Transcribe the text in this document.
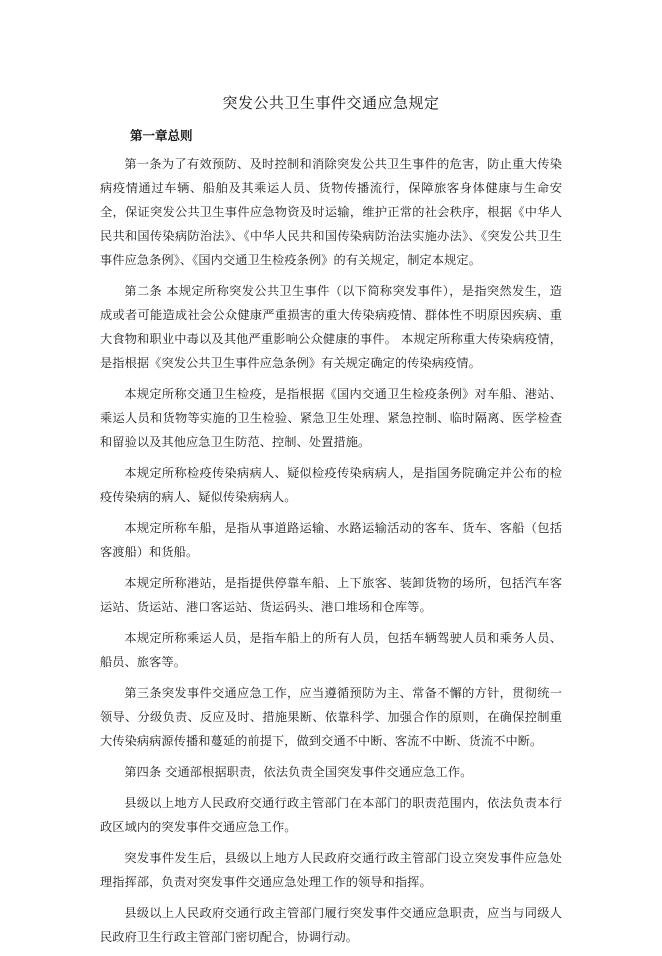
突发公共卫生事件交通应急规定
第一章总则

第一条为了有效预防、及时控制和消除突发公共卫生事件的危害，防止重大传染病疫情通过车辆、船舶及其乘运人员、货物传播流行，保障旅客身体健康与生命安全，保证突发公共卫生事件应急物资及时运输，维护正常的社会秩序，根据《中华人民共和国传染病防治法》、《中华人民共和国传染病防治法实施办法》、《突发公共卫生事件应急条例》、《国内交通卫生检疫条例》的有关规定，制定本规定。

第二条 本规定所称突发公共卫生事件（以下简称突发事件），是指突然发生，造成或者可能造成社会公众健康严重损害的重大传染病疫情、群体性不明原因疾病、重大食物和职业中毒以及其他严重影响公众健康的事件。 本规定所称重大传染病疫情，是指根据《突发公共卫生事件应急条例》有关规定确定的传染病疫情。

本规定所称交通卫生检疫，是指根据《国内交通卫生检疫条例》对车船、港站、乘运人员和货物等实施的卫生检验、紧急卫生处理、紧急控制、临时隔离、医学检查和留验以及其他应急卫生防范、控制、处置措施。

本规定所称检疫传染病病人、疑似检疫传染病病人，是指国务院确定并公布的检疫传染病的病人、疑似传染病病人。

本规定所称车船，是指从事道路运输、水路运输活动的客车、货车、客船（包括客渡船）和货船。

本规定所称港站，是指提供停靠车船、上下旅客、装卸货物的场所，包括汽车客运站、货运站、港口客运站、货运码头、港口堆场和仓库等。

本规定所称乘运人员，是指车船上的所有人员，包括车辆驾驶人员和乘务人员、船员、旅客等。

第三条突发事件交通应急工作，应当遵循预防为主、常备不懈的方针，贯彻统一领导、分级负责、反应及时、措施果断、依靠科学、加强合作的原则，在确保控制重大传染病病源传播和蔓延的前提下，做到交通不中断、客流不中断、货流不中断。

第四条 交通部根据职责，依法负责全国突发事件交通应急工作。

县级以上地方人民政府交通行政主管部门在本部门的职责范围内，依法负责本行政区域内的突发事件交通应急工作。

突发事件发生后，县级以上地方人民政府交通行政主管部门设立突发事件应急处理指挥部，负责对突发事件交通应急处理工作的领导和指挥。

县级以上人民政府交通行政主管部门履行突发事件交通应急职责，应当与同级人民政府卫生行政主管部门密切配合，协调行动。
